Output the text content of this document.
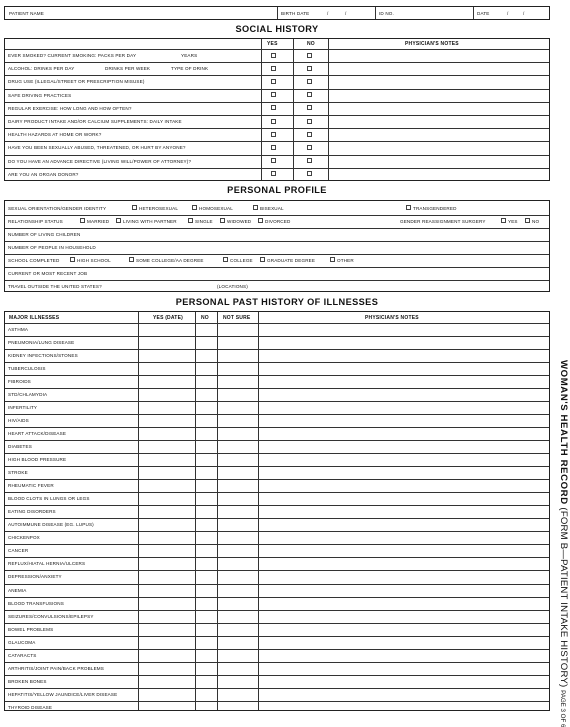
PATIENT NAME	BIRTH DATE	/	/	ID NO.	DATE	/	/
SOCIAL HISTORY
YES	NO	PHYSICIAN'S NOTES
EVER SMOKED? CURRENT SMOKING: PACKS PER DAY	YEARS
ALCOHOL: DRINKS PER DAY	DRINKS PER WEEK	TYPE OF DRINK
DRUG USE (ILLEGAL/STREET OR PRESCRIPTION MISUSE)
SAFE DRIVING PRACTICES
REGULAR EXERCISE: HOW LONG AND HOW OFTEN?
DAIRY PRODUCT INTAKE AND/OR CALCIUM SUPPLEMENTS: DAILY INTAKE
HEALTH HAZARDS AT HOME OR WORK?
HAVE YOU BEEN SEXUALLY ABUSED, THREATENED, OR HURT BY ANYONE?
DO YOU HAVE AN ADVANCE DIRECTIVE (LIVING WILL/POWER OF ATTORNEY)?
ARE YOU AN ORGAN DONOR?
PERSONAL PROFILE
SEXUAL ORIENTATION/GENDER IDENTITY	HETEROSEXUAL	HOMOSEXUAL	BISEXUAL	TRANSGENDERED
RELATIONSHIP STATUS	MARRIED	LIVING WITH PARTNER	SINGLE	WIDOWED	DIVORCED	GENDER REASSIGNMENT SURGERY	YES	NO
NUMBER OF LIVING CHILDREN
NUMBER OF PEOPLE IN HOUSEHOLD
SCHOOL COMPLETED	HIGH SCHOOL	SOME COLLEGE/AA DEGREE	COLLEGE	GRADUATE DEGREE	OTHER
CURRENT OR MOST RECENT JOB
TRAVEL OUTSIDE THE UNITED STATES?	(LOCATIONS)
PERSONAL PAST HISTORY OF ILLNESSES
MAJOR ILLNESSES	YES (DATE)	NO	NOT SURE	PHYSICIAN'S NOTES
ASTHMA
PNEUMONIA/LUNG DISEASE
KIDNEY INFECTIONS/STONES
TUBERCULOSIS
FIBROIDS
STD/CHLAMYDIA
INFERTILITY
HIV/AIDS
HEART ATTACK/DISEASE
DIABETES
HIGH BLOOD PRESSURE
STROKE
RHEUMATIC FEVER
BLOOD CLOTS IN LUNGS OR LEGS
EATING DISORDERS
AUTOIMMUNE DISEASE (EG. LUPUS)
CHICKENPOX
CANCER
REFLUX/HIATAL HERNIA/ULCERS
DEPRESSION/ANXIETY
ANEMIA
BLOOD TRANSFUSIONS
SEIZURES/CONVULSIONS/EPILEPSY
BOWEL PROBLEMS
GLAUCOMA
CATARACTS
ARTHRITIS/JOINT PAIN/BACK PROBLEMS
BROKEN BONES
HEPATITIS/YELLOW JAUNDICE/LIVER DISEASE
THYROID DISEASE
WOMAN'S HEALTH RECORD (FORM B—PATIENT INTAKE HISTORY) PAGE 3 OF 6
